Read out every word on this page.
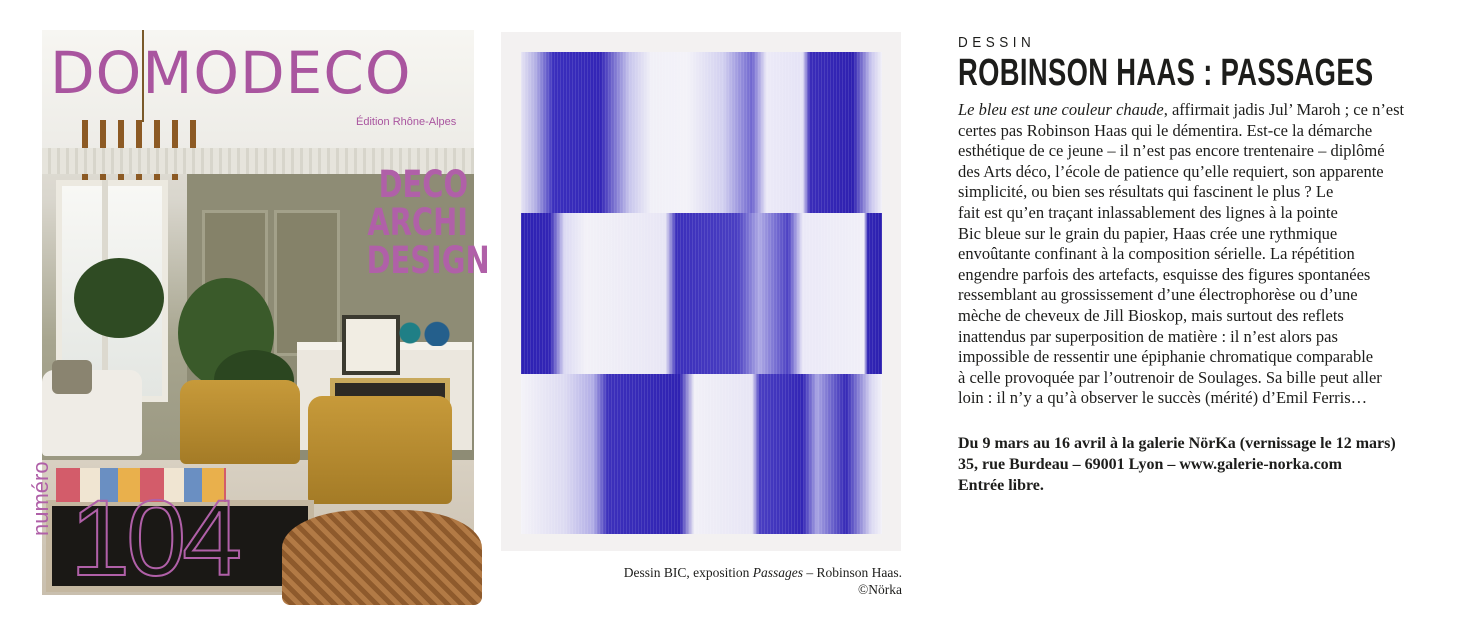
DOMODECO
Édition Rhône-Alpes
DECO
ARCHI
DESIGN
104
numéro
Dessin BIC, exposition Passages – Robinson Haas.
©Nörka
DESSIN
ROBINSON HAAS : PASSAGES
Le bleu est une couleur chaude, affirmait jadis Jul’ Maroh ; ce n’est
certes pas Robinson Haas qui le démentira. Est-ce la démarche
esthétique de ce jeune – il n’est pas encore trentenaire – diplômé
des Arts déco, l’école de patience qu’elle requiert, son apparente
simplicité, ou bien ses résultats qui fascinent le plus ? Le
fait est qu’en traçant inlassablement des lignes à la pointe
Bic bleue sur le grain du papier, Haas crée une rythmique
envoûtante confinant à la composition sérielle. La répétition
engendre parfois des artefacts, esquisse des figures spontanées
ressemblant au grossissement d’une électrophorèse ou d’une
mèche de cheveux de Jill Bioskop, mais surtout des reflets
inattendus par superposition de matière : il n’est alors pas
impossible de ressentir une épiphanie chromatique comparable
à celle provoquée par l’outrenoir de Soulages. Sa bille peut aller
loin : il n’y a qu’à observer le succès (mérité) d’Emil Ferris…
Du 9 mars au 16 avril à la galerie NörKa (vernissage le 12 mars)
35, rue Burdeau – 69001 Lyon – www.galerie-norka.com
Entrée libre.
